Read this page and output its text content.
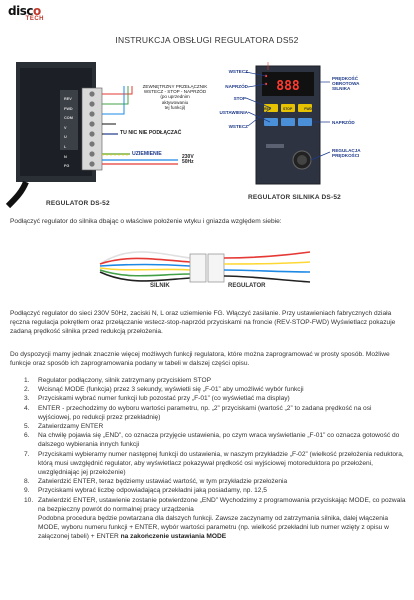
disco
TECH
INSTRUKCJA OBSŁUGI REGULATORA DS52
888
REV
FWD
COM
V
U
L
N
FG
ZEWNĘTRZNY PRZEŁĄCZNIK
WSTECZ - STOP - NAPRZÓD
(po uprzednim
aktywowaniu
tej funkcji)
TU NIC NIE PODŁĄCZAĆ
UZIEMIENIE	230V
50Hz
REGULATOR DS-52
WSTECZ
NAPRZÓD
STOP
USTAWIENIA
WSTECZ
PRĘDKOŚĆ
OBROTOWA
SILNIKA
NAPRZÓD
REGULACJA
PRĘDKOŚCI
REV	STOP	FWD
REGULATOR SILNIKA DS-52
Podłączyć regulator do silnika dbając o właściwe położenie wtyku i gniazda względem siebie:
SILNIK	REGULATOR
Podłączyć regulator do sieci 230V 50Hz, zaciski N, L oraz uziemienie FG. Włączyć zasilanie. Przy ustawieniach fabrycznych działa ręczna regulacja pokrętłem oraz przełączanie wstecz-stop-naprzód przyciskami na froncie (REV-STOP-FWD) Wyświetlacz pokazuje zadaną prędkość silnika przed redukcją przełożenia.
Do dyspozycji mamy jednak znacznie więcej możliwych funkcji regulatora, które można zaprogramować w prosty sposób. Możliwe funkcje oraz sposób ich zaprogramowania podany w tabeli w dalszej części opisu.
1.	Regulator podłączony, silnik zatrzymany przyciskiem STOP
2.	Wcisnąć MODE (funkcja) przez 3 sekundy, wyświetli się „F-01” aby umożliwić wybór funkcji
3.	Przyciskami wybrać numer funkcji lub pozostać przy „F-01” (co wyświetlać ma display)
4.	ENTER - przechodzimy do wyboru wartości parametru, np. „2” przyciskami (wartość „2” to zadana prędkość na osi wyjściowej, po redukcji przez przekładnię)
5.	Zatwierdzamy ENTER
6.	Na chwilę pojawia się „END”, co oznacza przyjęcie ustawienia, po czym wraca wyświetlanie „F-01” co oznacza gotowość do dalszego wybierania innych funkcji
7.	Przyciskami wybieramy numer następnej funkcji do ustawienia, w naszym przykładzie „F-02” (wielkość przełożenia reduktora, którą musi uwzględnić regulator, aby wyświetlacz pokazywał prędkość osi wyjściowej motoreduktora po przełożeni, uwzględniając jej przełożenie)
8.	Zatwierdzić ENTER, teraz będziemy ustawiać wartość, w tym przykładzie przełożenia
9.	Przyciskami wybrać liczbę odpowiadającą przekładni jaką posiadamy, np. 12,5
10. Zatwierdzić ENTER, ustawienie zostanie potwierdzone „END” Wychodzimy z programowania przyciskając MODE, co pozwala na bezpieczny powrót do normalnej pracy urządzenia
Podobna procedura będzie powtarzana dla dalszych funkcji. Zawsze zaczynamy od zatrzymania silnika, dalej włączenia MODE, wyboru numeru funkcji + ENTER, wybór wartości parametru (np. wielkość przekładni lub numer wzięty z opisu w załączonej tabeli) + ENTER na zakończenie ustawiania MODE
